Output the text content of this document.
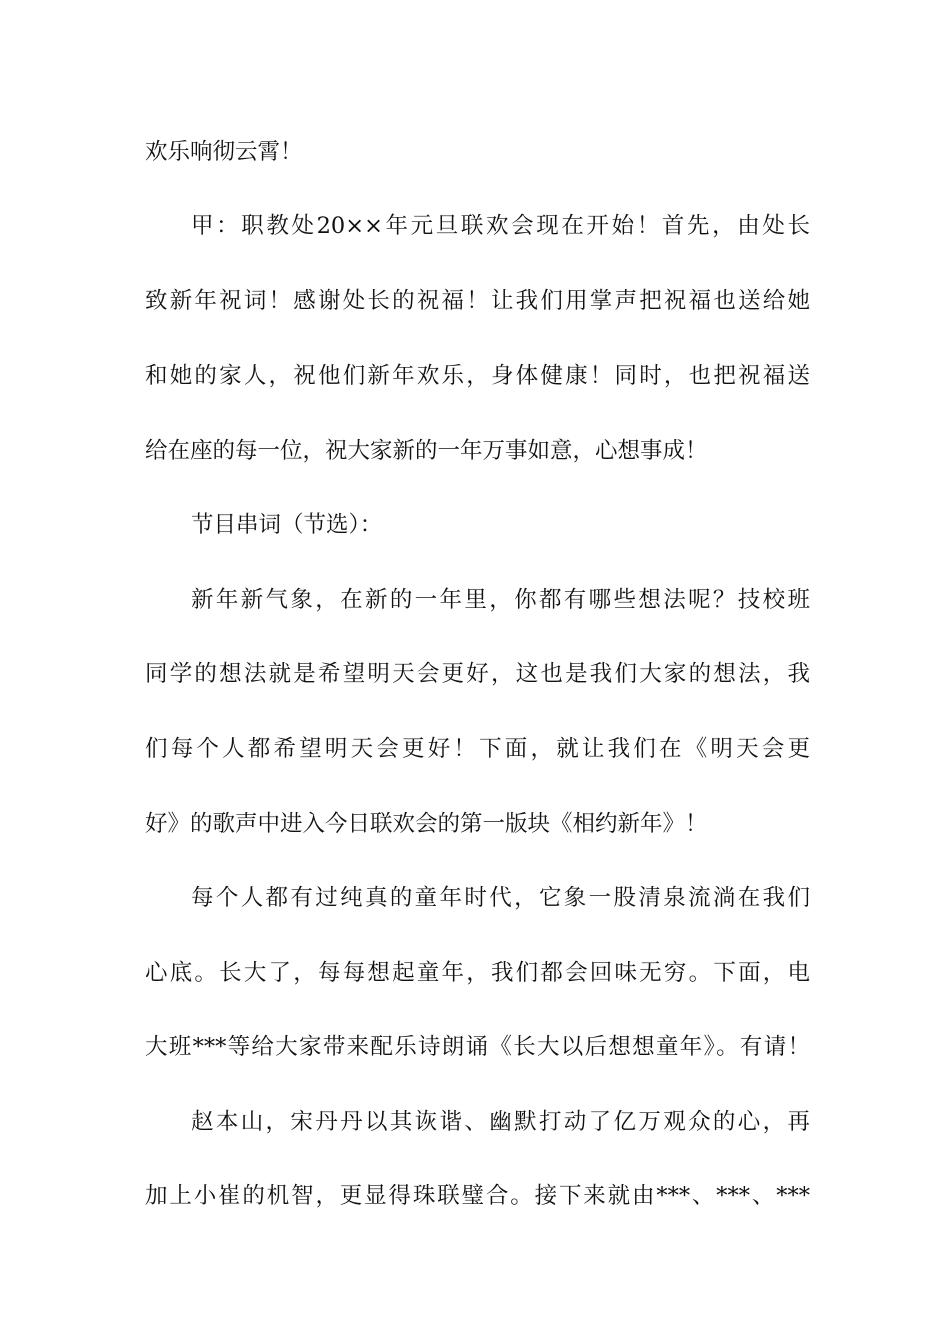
欢乐响彻云霄！
甲：职教处20××年元旦联欢会现在开始！首先，由处长
致新年祝词！感谢处长的祝福！让我们用掌声把祝福也送给她
和她的家人，祝他们新年欢乐，身体健康！同时，也把祝福送
给在座的每一位，祝大家新的一年万事如意，心想事成！
节目串词（节选）：
新年新气象，在新的一年里，你都有哪些想法呢？技校班
同学的想法就是希望明天会更好，这也是我们大家的想法，我
们每个人都希望明天会更好！下面，就让我们在《明天会更
好》的歌声中进入今日联欢会的第一版块《相约新年》！
每个人都有过纯真的童年时代，它象一股清泉流淌在我们
心底。长大了，每每想起童年，我们都会回味无穷。下面，电
大班***等给大家带来配乐诗朗诵《长大以后想想童年》。有请！
赵本山，宋丹丹以其诙谐、幽默打动了亿万观众的心，再
加上小崔的机智，更显得珠联璧合。接下来就由***、***、***
